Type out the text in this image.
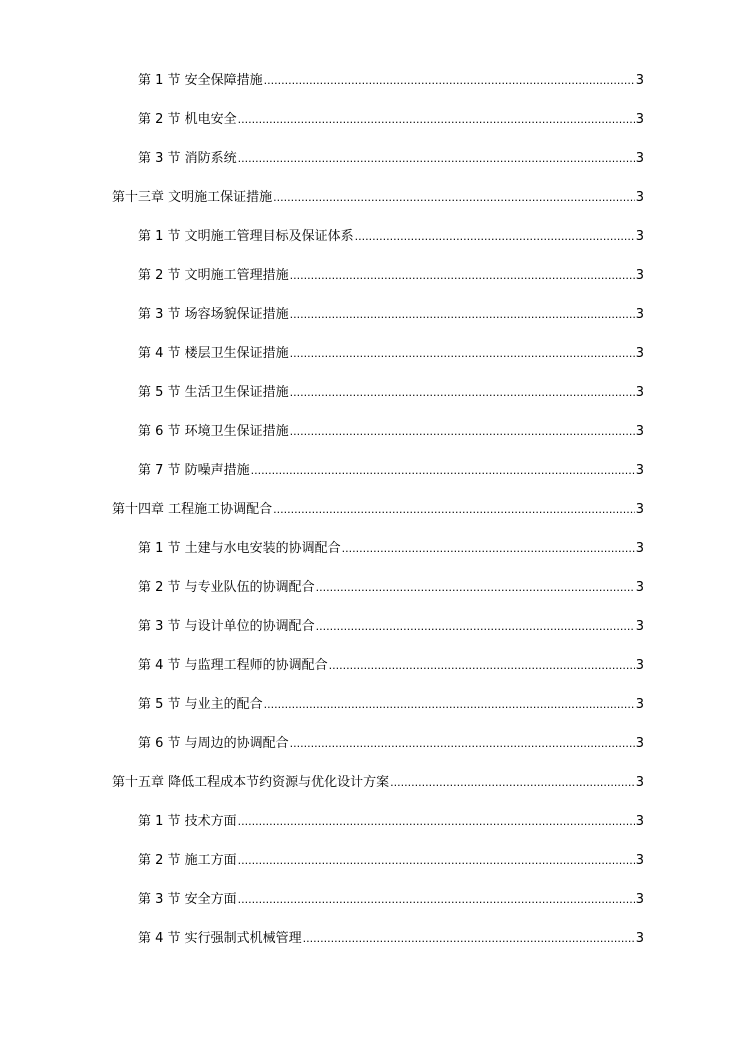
第 1 节 安全保障措施 .....	3
第 2 节 机电安全 .....	3
第 3 节 消防系统 .....	3
第十三章 文明施工保证措施 .....	3
第 1 节 文明施工管理目标及保证体系 .....	3
第 2 节 文明施工管理措施 .....	3
第 3 节 场容场貌保证措施 .....	3
第 4 节 楼层卫生保证措施 .....	3
第 5 节 生活卫生保证措施 .....	3
第 6 节 环境卫生保证措施 .....	3
第 7 节 防噪声措施 .....	3
第十四章 工程施工协调配合 .....	3
第 1 节 土建与水电安装的协调配合 .....	3
第 2 节 与专业队伍的协调配合 .....	3
第 3 节 与设计单位的协调配合 .....	3
第 4 节 与监理工程师的协调配合 .....	3
第 5 节 与业主的配合 .....	3
第 6 节 与周边的协调配合 .....	3
第十五章 降低工程成本节约资源与优化设计方案 .....	3
第 1 节 技术方面 .....	3
第 2 节 施工方面 .....	3
第 3 节 安全方面 .....	3
第 4 节 实行强制式机械管理 .....	3
